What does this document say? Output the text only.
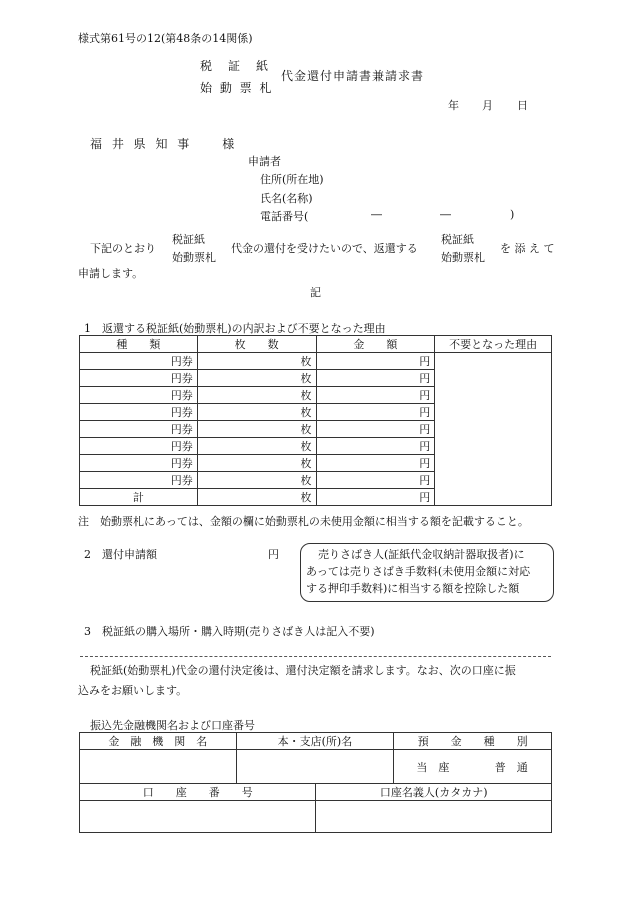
様式第61号の12(第48条の14関係)
税　証　紙
始 動 票 札
代金還付申請書兼請求書
年 月 日
福 井 県 知 事　　様
申請者
住所(所在地)
氏名(名称)
電話番号(	―	―	)
下記のとおり
税証紙
始動票札
代金の還付を受けたいので、返還する
税証紙
始動票札
を 添 え て
申請します。
記
1　返還する税証紙(始動票札)の内訳および不要となった理由
種　　類	枚　　数	金　　額	不要となった理由
円券	枚	円	
円券	枚	円	
円券	枚	円	
円券	枚	円	
円券	枚	円	
円券	枚	円	
円券	枚	円	
円券	枚	円	
計	枚	円	
注　始動票札にあっては、金額の欄に始動票札の未使用金額に相当する額を記載すること。
2　還付申請額	円	売りさばき人(証紙代金収納計器取扱者)に
あっては売りさばき手数料(未使用金額に対応
する押印手数料)に相当する額を控除した額
3　税証紙の購入場所・購入時期(売りさばき人は記入不要)
税証紙(始動票札)代金の還付決定後は、還付決定額を請求します。なお、次の口座に振
込みをお願いします。
振込先金融機関名および口座番号
金　融　機　関　名	本・支店(所)名		預　　金　　種　　別	
			当　座	普　通
口　　座　　番　　号		口座名義人(カタカナ)		
